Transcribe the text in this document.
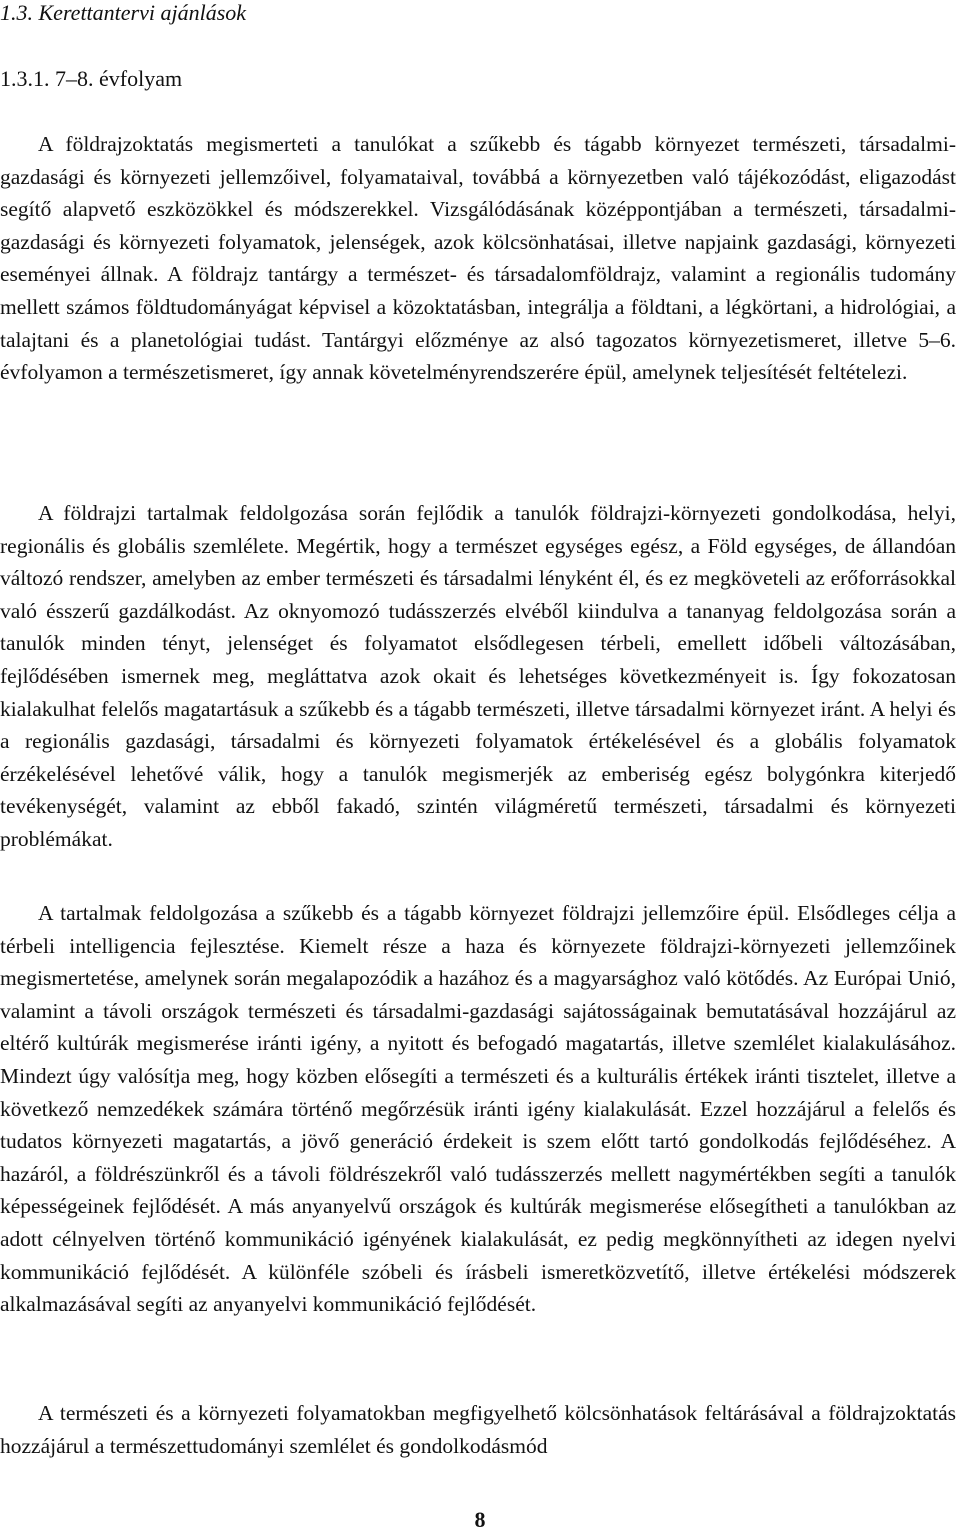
1.3. Kerettantervi ajánlások
1.3.1. 7–8. évfolyam

A földrajzoktatás megismerteti a tanulókat a szűkebb és tágabb környezet természeti, társadalmi-gazdasági és környezeti jellemzőivel, folyamataival, továbbá a környezetben való tájékozódást, eligazodást segítő alapvető eszközökkel és módszerekkel. Vizsgálódásának középpontjában a természeti, társadalmi-gazdasági és környezeti folyamatok, jelenségek, azok kölcsönhatásai, illetve napjaink gazdasági, környezeti eseményei állnak. A földrajz tantárgy a természet- és társadalomföldrajz, valamint a regionális tudomány mellett számos földtudományágat képvisel a közoktatásban, integrálja a földtani, a légkörtani, a hidrológiai, a talajtani és a planetológiai tudást. Tantárgyi előzménye az alsó tagozatos környezetismeret, illetve 5–6. évfolyamon a természetismeret, így annak követelményrendszerére épül, amelynek teljesítését feltételezi.

A földrajzi tartalmak feldolgozása során fejlődik a tanulók földrajzi-környezeti gondolkodása, helyi, regionális és globális szemlélete. Megértik, hogy a természet egységes egész, a Föld egységes, de állandóan változó rendszer, amelyben az ember természeti és társadalmi lényként él, és ez megköveteli az erőforrásokkal való ésszerű gazdálkodást. Az oknyomozó tudásszerzés elvéből kiindulva a tananyag feldolgozása során a tanulók minden tényt, jelenséget és folyamatot elsődlegesen térbeli, emellett időbeli változásában, fejlődésében ismernek meg, megláttatva azok okait és lehetséges következményeit is. Így fokozatosan kialakulhat felelős magatartásuk a szűkebb és a tágabb természeti, illetve társadalmi környezet iránt. A helyi és a regionális gazdasági, társadalmi és környezeti folyamatok értékelésével és a globális folyamatok érzékelésével lehetővé válik, hogy a tanulók megismerjék az emberiség egész bolygónkra kiterjedő tevékenységét, valamint az ebből fakadó, szintén világméretű természeti, társadalmi és környezeti problémákat.

A tartalmak feldolgozása a szűkebb és a tágabb környezet földrajzi jellemzőire épül. Elsődleges célja a térbeli intelligencia fejlesztése. Kiemelt része a haza és környezete földrajzi-környezeti jellemzőinek megismertetése, amelynek során megalapozódik a hazához és a magyarsághoz való kötődés. Az Európai Unió, valamint a távoli országok természeti és társadalmi-gazdasági sajátosságainak bemutatásával hozzájárul az eltérő kultúrák megismerése iránti igény, a nyitott és befogadó magatartás, illetve szemlélet kialakulásához. Mindezt úgy valósítja meg, hogy közben elősegíti a természeti és a kulturális értékek iránti tisztelet, illetve a következő nemzedékek számára történő megőrzésük iránti igény kialakulását. Ezzel hozzájárul a felelős és tudatos környezeti magatartás, a jövő generáció érdekeit is szem előtt tartó gondolkodás fejlődéséhez. A hazáról, a földrészünkről és a távoli földrészekről való tudásszerzés mellett nagymértékben segíti a tanulók képességeinek fejlődését. A más anyanyelvű országok és kultúrák megismerése elősegítheti a tanulókban az adott célnyelven történő kommunikáció igényének kialakulását, ez pedig megkönnyítheti az idegen nyelvi kommunikáció fejlődését. A különféle szóbeli és írásbeli ismeretközvetítő, illetve értékelési módszerek alkalmazásával segíti az anyanyelvi kommunikáció fejlődését.

A természeti és a környezeti folyamatokban megfigyelhető kölcsönhatások feltárásával a földrajzoktatás hozzájárul a természettudományi szemlélet és gondolkodásmód

8
